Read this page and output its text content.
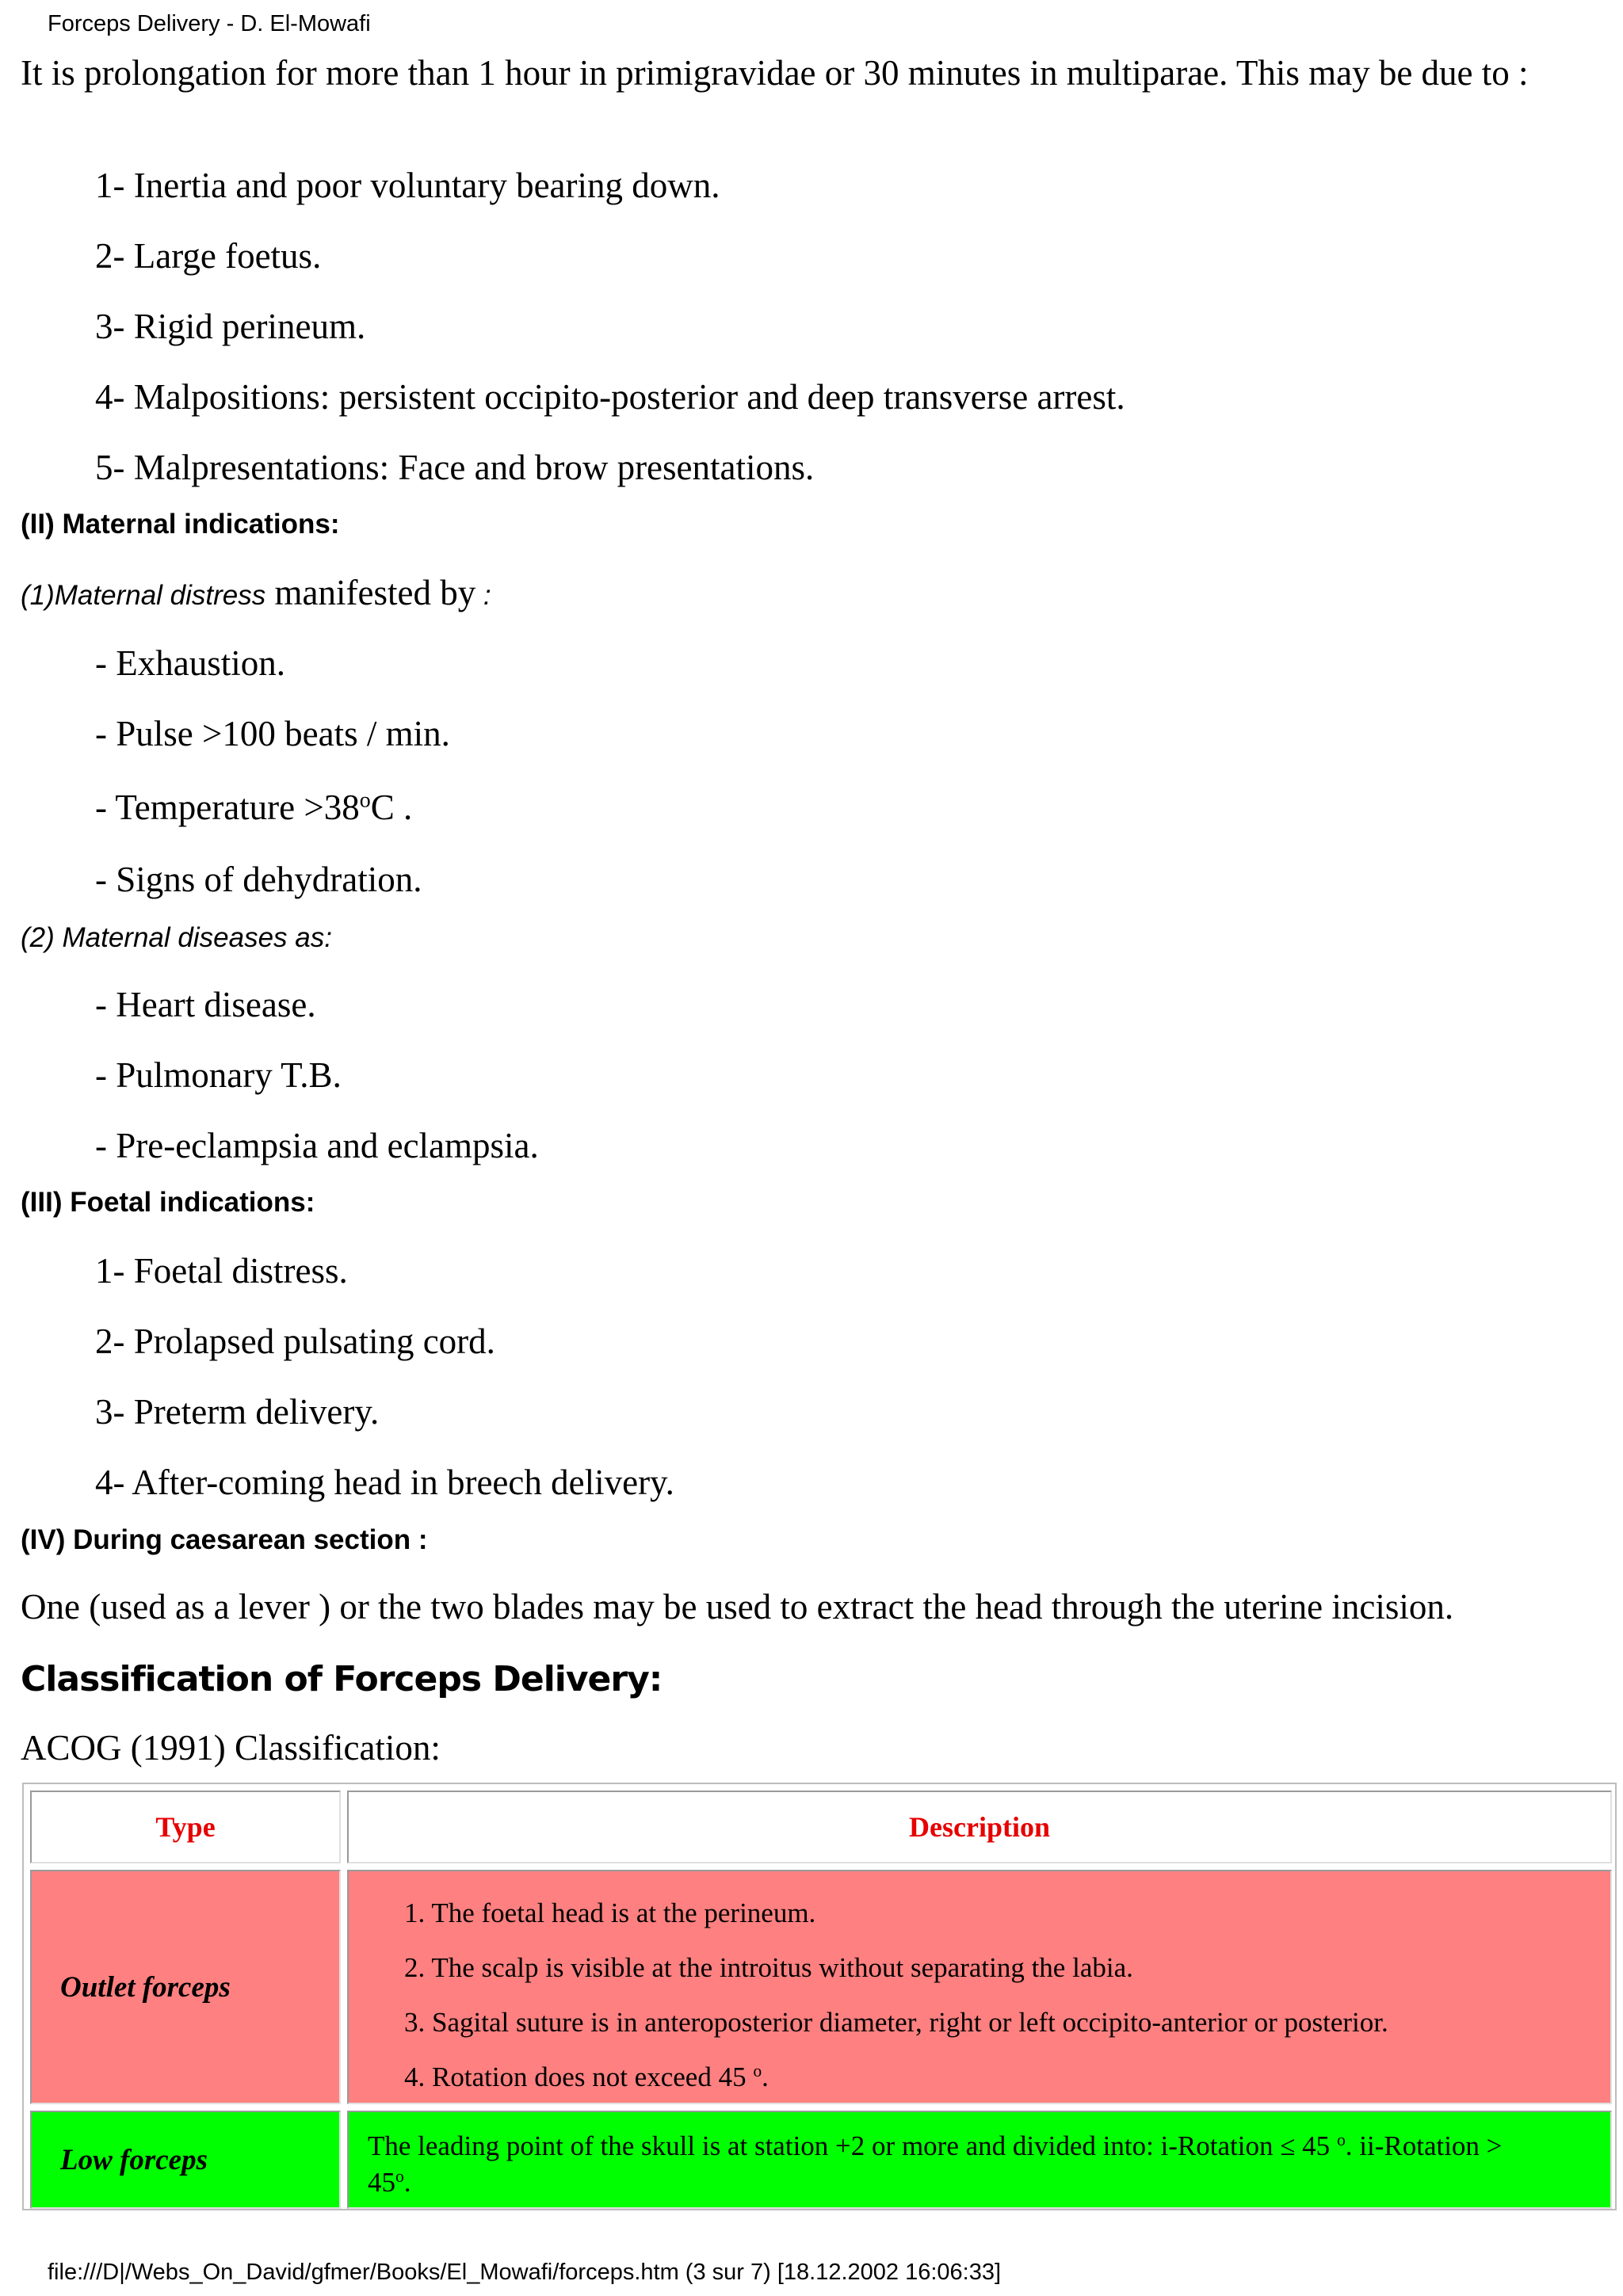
Forceps Delivery - D. El-Mowafi
It is prolongation for more than 1 hour in primigravidae or 30 minutes in multiparae. This may be due to :
1- Inertia and poor voluntary bearing down.
2- Large foetus.
3- Rigid perineum.
4- Malpositions: persistent occipito-posterior and deep transverse arrest.
5- Malpresentations: Face and brow presentations.
(II) Maternal indications:
(1)Maternal distress manifested by :
- Exhaustion.
- Pulse >100 beats / min.
- Temperature $>38^oC$ .
- Signs of dehydration.
(2) Maternal diseases as:
- Heart disease.
- Pulmonary T.B.
- Pre-eclampsia and eclampsia.
(III) Foetal indications:
1- Foetal distress.
2- Prolapsed pulsating cord.
3- Preterm delivery.
4- After-coming head in breech delivery.
(IV) During caesarean section :
One (used as a lever ) or the two blades may be used to extract the head through the uterine incision.
Classification of Forceps Delivery:
ACOG (1991) Classification:
Type	Description
Outlet forceps
1. The foetal head is at the perineum.
2. The scalp is visible at the introitus without separating the labia.
3. Sagital suture is in anteroposterior diameter, right or left occipito-anterior or posterior.
4. Rotation does not exceed 45 $^o$.
Low forceps	The leading point of the skull is at station +2 or more and divided into: i-Rotation ≤ 45 $^o$. ii-Rotation > $45^o$.
file:///D|/Webs_On_David/gfmer/Books/El_Mowafi/forceps.htm (3 sur 7) [18.12.2002 16:06:33]
